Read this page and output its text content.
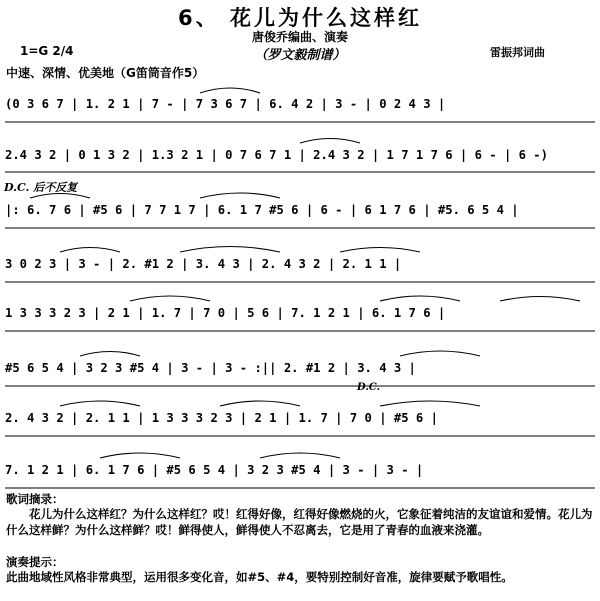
6、 花儿为什么这样红
唐俊乔编曲、演奏
（罗文毅制谱）
1=G 2/4	雷振邦词曲
中速、深情、优美地（G笛筒音作5）
(0 3 6 7 | 1. 2 1 | 7 - | 7 3 6 7 | 6. 4 2 | 3 - | 0 2 4 3 |
2.4 3 2 | 0 1 3 2 | 1.3 2 1 | 0 7 6 7 1 | 2.4 3 2 | 1 7 1 7 6 | 6 - | 6 -)
D.C. 后不反复
|: 6. 7 6 | #5 6 | 7 7 1 7 | 6. 1 7 #5 6 | 6 - | 6 1 7 6 | #5. 6 5 4 |
3 0 2 3 | 3 - | 2. #1 2 | 3. 4 3 | 2. 4 3 2 | 2. 1 1 |
1 3 3 3 2 3 | 2 1 | 1. 7 | 7 0 | 5 6 | 7. 1 2 1 | 6. 1 7 6 |
#5 6 5 4 | 3 2 3 #5 4 | 3 - | 3 - :|| 2. #1 2 | 3. 4 3 |
D.C.
2. 4 3 2 | 2. 1 1 | 1 3 3 3 2 3 | 2 1 | 1. 7 | 7 0 | #5 6 |
7. 1 2 1 | 6. 1 7 6 | #5 6 5 4 | 3 2 3 #5 4 | 3 - | 3 - |
歌词摘录：
花儿为什么这样红？为什么这样红？哎！红得好像，红得好像燃烧的火，它象征着纯洁的友谊谊和爱情。花儿为什么这样鲜？为什么这样鲜？哎！鲜得使人，鲜得使人不忍离去，它是用了青春的血液来浇灌。
演奏提示：
此曲地域性风格非常典型，运用很多变化音，如#5、#4，要特别控制好音准，旋律要赋予歌唱性。
